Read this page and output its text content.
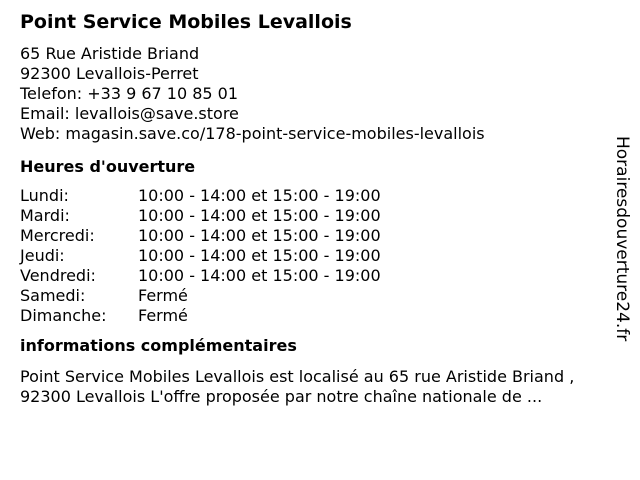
Point Service Mobiles Levallois
65 Rue Aristide Briand
92300 Levallois-Perret
Telefon: +33 9 67 10 85 01
Email: levallois@save.store
Web: magasin.save.co/178-point-service-mobiles-levallois
Heures d'ouverture
Lundi:	10:00 - 14:00 et 15:00 - 19:00
Mardi:	10:00 - 14:00 et 15:00 - 19:00
Mercredi:	10:00 - 14:00 et 15:00 - 19:00
Jeudi:	10:00 - 14:00 et 15:00 - 19:00
Vendredi:	10:00 - 14:00 et 15:00 - 19:00
Samedi:	Fermé
Dimanche:	Fermé
informations complémentaires
Point Service Mobiles Levallois est localisé au 65 rue Aristide Briand , 92300 Levallois L'offre proposée par notre chaîne nationale de ...
Horairesdouverture24.fr
